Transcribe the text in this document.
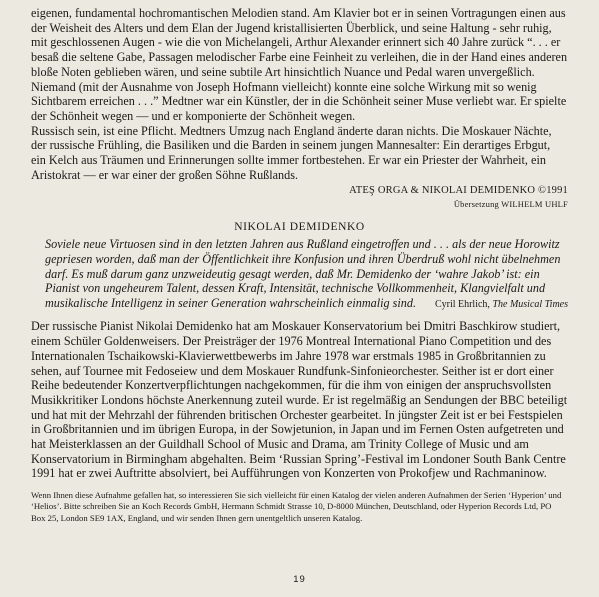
eigenen, fundamental hochromantischen Melodien stand. Am Klavier bot er in seinen Vortragungen einen aus der Weisheit des Alters und dem Elan der Jugend kristallisierten Überblick, und seine Haltung - sehr ruhig, mit geschlossenen Augen - wie die von Michelangeli, Arthur Alexander erinnert sich 40 Jahre zurück “. . . er besaß die seltene Gabe, Passagen melodischer Farbe eine Feinheit zu verleihen, die in der Hand eines anderen bloße Noten geblieben wären, und seine subtile Art hinsichtlich Nuance und Pedal waren unvergeßlich. Niemand (mit der Ausnahme von Joseph Hofmann vielleicht) konnte eine solche Wirkung mit so wenig Sichtbarem erreichen . . .” Medtner war ein Künstler, der in die Schönheit seiner Muse verliebt war. Er spielte der Schönheit wegen — und er komponierte der Schönheit wegen.

Russisch sein, ist eine Pflicht. Medtners Umzug nach England änderte daran nichts. Die Moskauer Nächte, der russische Frühling, die Basiliken und die Barden in seinem jungen Mannesalter: Ein derartiges Erbgut, ein Kelch aus Träumen und Erinnerungen sollte immer fortbestehen. Er war ein Priester der Wahrheit, ein Aristokrat — er war einer der großen Söhne Rußlands.

ATEŞ ORGA & NIKOLAI DEMIDENKO ©1991

Übersetzung WILHELM UHLF

NIKOLAI DEMIDENKO

Soviele neue Virtuosen sind in den letzten Jahren aus Rußland eingetroffen und . . . als der neue Horowitz gepriesen worden, daß man der Öffentlichkeit ihre Konfusion und ihren Überdruß wohl nicht übelnehmen darf. Es muß darum ganz unzweideutig gesagt werden, daß Mr. Demidenko der ‘wahre Jakob’ ist: ein Pianist von ungeheurem Talent, dessen Kraft, Intensität, technische Vollkommenheit, Klangvielfalt und musikalische Intelligenz in seiner Generation wahrscheinlich einmalig sind.	Cyril Ehrlich, The Musical Times

Der russische Pianist Nikolai Demidenko hat am Moskauer Konservatorium bei Dmitri Baschkirow studiert, einem Schüler Goldenweisers. Der Preisträger der 1976 Montreal International Piano Competition und des Internationalen Tschaikowski-Klavierwettbewerbs im Jahre 1978 war erstmals 1985 in Großbritannien zu sehen, auf Tournee mit Fedoseiew und dem Moskauer Rundfunk-Sinfonieorchester. Seither ist er dort einer Reihe bedeutender Konzertverpflichtungen nachgekommen, für die ihm von einigen der anspruchsvollsten Musikkritiker Londons höchste Anerkennung zuteil wurde. Er ist regelmäßig an Sendungen der BBC beteiligt und hat mit der Mehrzahl der führenden britischen Orchester gearbeitet. In jüngster Zeit ist er bei Festspielen in Großbritannien und im übrigen Europa, in der Sowjetunion, in Japan und im Fernen Osten aufgetreten und hat Meisterklassen an der Guildhall School of Music and Drama, am Trinity College of Music und am Konservatorium in Birmingham abgehalten. Beim ‘Russian Spring’-Festival im Londoner South Bank Centre 1991 hat er zwei Auftritte absolviert, bei Aufführungen von Konzerten von Prokofjew und Rachmaninow.

Wenn Ihnen diese Aufnahme gefallen hat, so interessieren Sie sich vielleicht für einen Katalog der vielen anderen Aufnahmen der Serien ‘Hyperion’ und ‘Helios’. Bitte schreiben Sie an Koch Records GmbH, Hermann Schmidt Strasse 10, D-8000 München, Deutschland, oder Hyperion Records Ltd, PO Box 25, London SE9 1AX, England, und wir senden Ihnen gern unentgeltlich unseren Katalog.

19
